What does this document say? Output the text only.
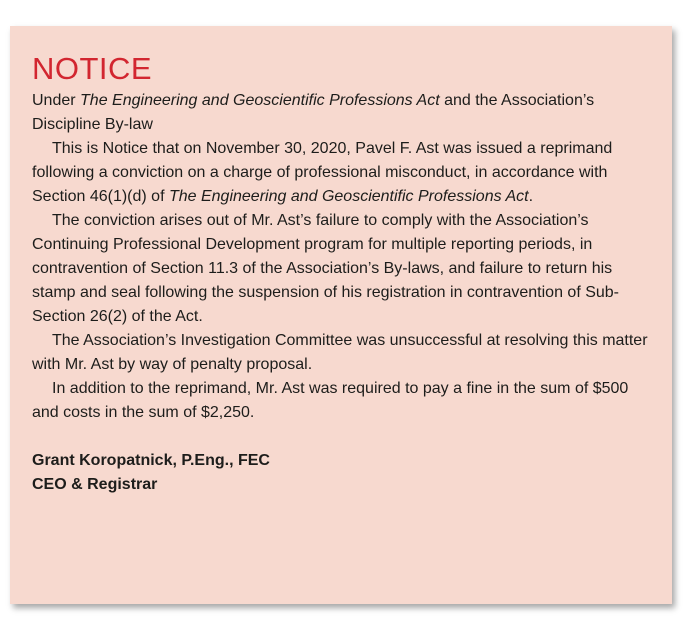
NOTICE

Under The Engineering and Geoscientific Professions Act and the Association’s Discipline By-law

This is Notice that on November 30, 2020, Pavel F. Ast was issued a reprimand following a conviction on a charge of professional misconduct, in accordance with Section 46(1)(d) of The Engineering and Geoscientific Professions Act.

The conviction arises out of Mr. Ast’s failure to comply with the Association’s Continuing Professional Development program for multiple reporting periods, in contravention of Section 11.3 of the Association’s By-laws, and failure to return his stamp and seal following the suspension of his registration in contravention of Sub-Section 26(2) of the Act.

The Association’s Investigation Committee was unsuccessful at resolving this matter with Mr. Ast by way of penalty proposal.

In addition to the reprimand, Mr. Ast was required to pay a fine in the sum of $500 and costs in the sum of $2,250.

Grant Koropatnick, P.Eng., FEC
CEO & Registrar
